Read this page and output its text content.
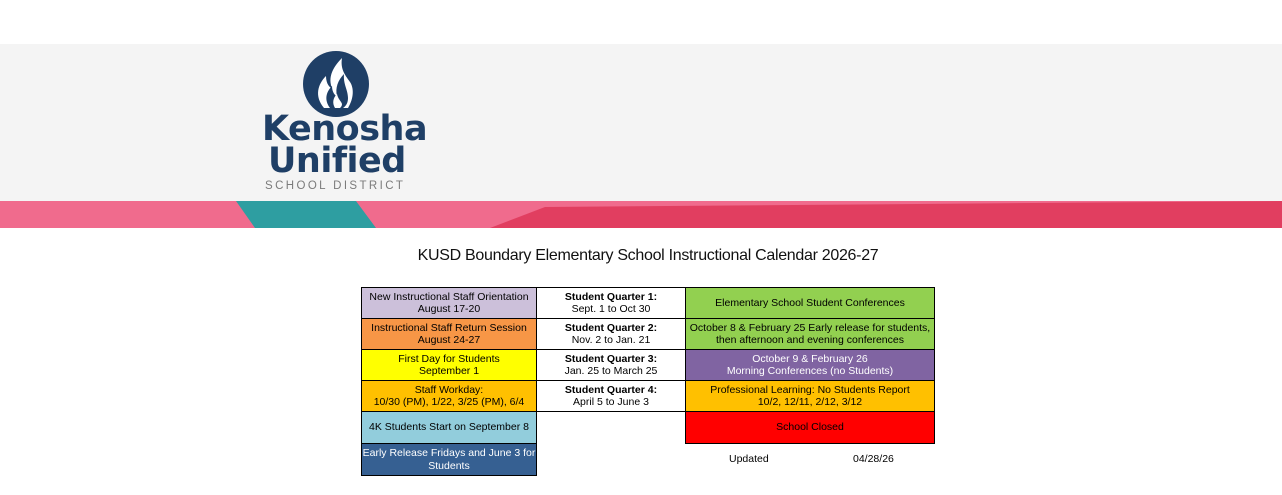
Kenosha
Unified
SCHOOL DISTRICT
KUSD Boundary Elementary School Instructional Calendar 2026-27
New Instructional Staff Orientation
August 17-20
Instructional Staff Return Session
August 24-27
First Day for Students
September 1
Staff Workday:
10/30 (PM), 1/22, 3/25 (PM), 6/4
4K Students Start on September 8
Early Release Fridays and June 3 for
Students
Student Quarter 1:
Sept. 1 to Oct 30
Student Quarter 2:
Nov. 2 to Jan. 21
Student Quarter 3:
Jan. 25 to March 25
Student Quarter 4:
April 5 to June 3
Elementary School Student Conferences
October 8 & February 25 Early release for students,
then afternoon and evening conferences
October 9 & February 26
Morning Conferences (no Students)
Professional Learning: No Students Report
10/2, 12/11, 2/12, 3/12
School Closed
Updated	04/28/26
